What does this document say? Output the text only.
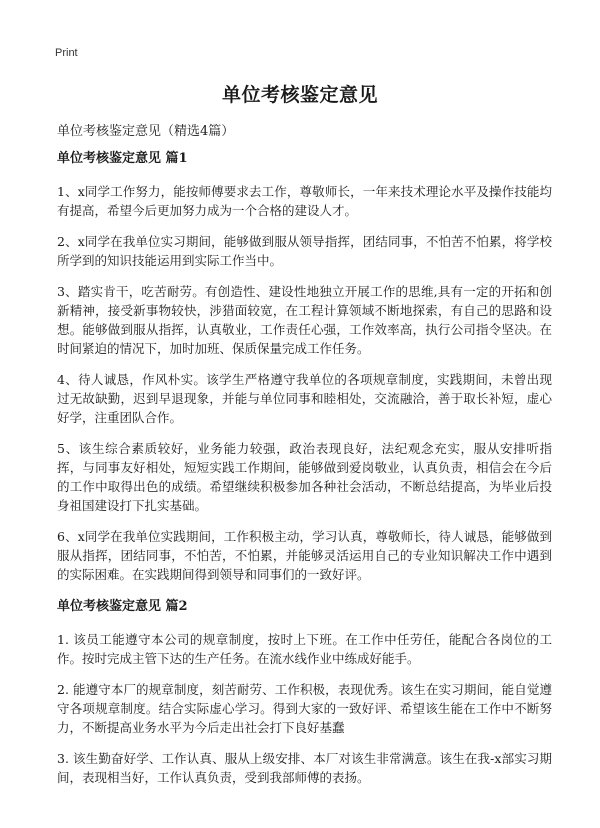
Print
单位考核鉴定意见

单位考核鉴定意见（精选4篇）

单位考核鉴定意见 篇1

1、x同学工作努力，能按师傅要求去工作，尊敬师长，一年来技术理论水平及操作技能均有提高，希望今后更加努力成为一个合格的建设人才。

2、x同学在我单位实习期间，能够做到服从领导指挥，团结同事，不怕苦不怕累，将学校所学到的知识技能运用到实际工作当中。

3、踏实肯干，吃苦耐劳。有创造性、建设性地独立开展工作的思维,具有一定的开拓和创新精神，接受新事物较快，涉猎面较宽，在工程计算领域不断地探索，有自己的思路和设想。能够做到服从指挥，认真敬业，工作责任心强，工作效率高，执行公司指令坚决。在时间紧迫的情况下，加时加班、保质保量完成工作任务。

4、待人诚恳，作风朴实。该学生严格遵守我单位的各项规章制度，实践期间，未曾出现过无故缺勤，迟到早退现象，并能与单位同事和睦相处，交流融洽，善于取长补短，虚心好学，注重团队合作。

5、该生综合素质较好，业务能力较强，政治表现良好，法纪观念充实，服从安排听指挥，与同事友好相处，短短实践工作期间，能够做到爱岗敬业，认真负责，相信会在今后的工作中取得出色的成绩。希望继续积极参加各种社会活动，不断总结提高，为毕业后投身祖国建设打下扎实基础。

6、x同学在我单位实践期间，工作积极主动，学习认真，尊敬师长，待人诚恳，能够做到服从指挥，团结同事，不怕苦，不怕累，并能够灵活运用自己的专业知识解决工作中遇到的实际困难。在实践期间得到领导和同事们的一致好评。

单位考核鉴定意见 篇2

1. 该员工能遵守本公司的规章制度，按时上下班。在工作中任劳任，能配合各岗位的工作。按时完成主管下达的生产任务。在流水线作业中练成好能手。

2. 能遵守本厂的规章制度，刻苦耐劳、工作积极，表现优秀。该生在实习期间，能自觉遵守各项规章制度。结合实际虚心学习。得到大家的一致好评、希望该生能在工作中不断努力，不断提高业务水平为今后走出社会打下良好基蠢

3. 该生勤奋好学、工作认真、服从上级安排、本厂对该生非常满意。该生在我-x部实习期间，表现相当好，工作认真负责，受到我部师傅的表扬。
